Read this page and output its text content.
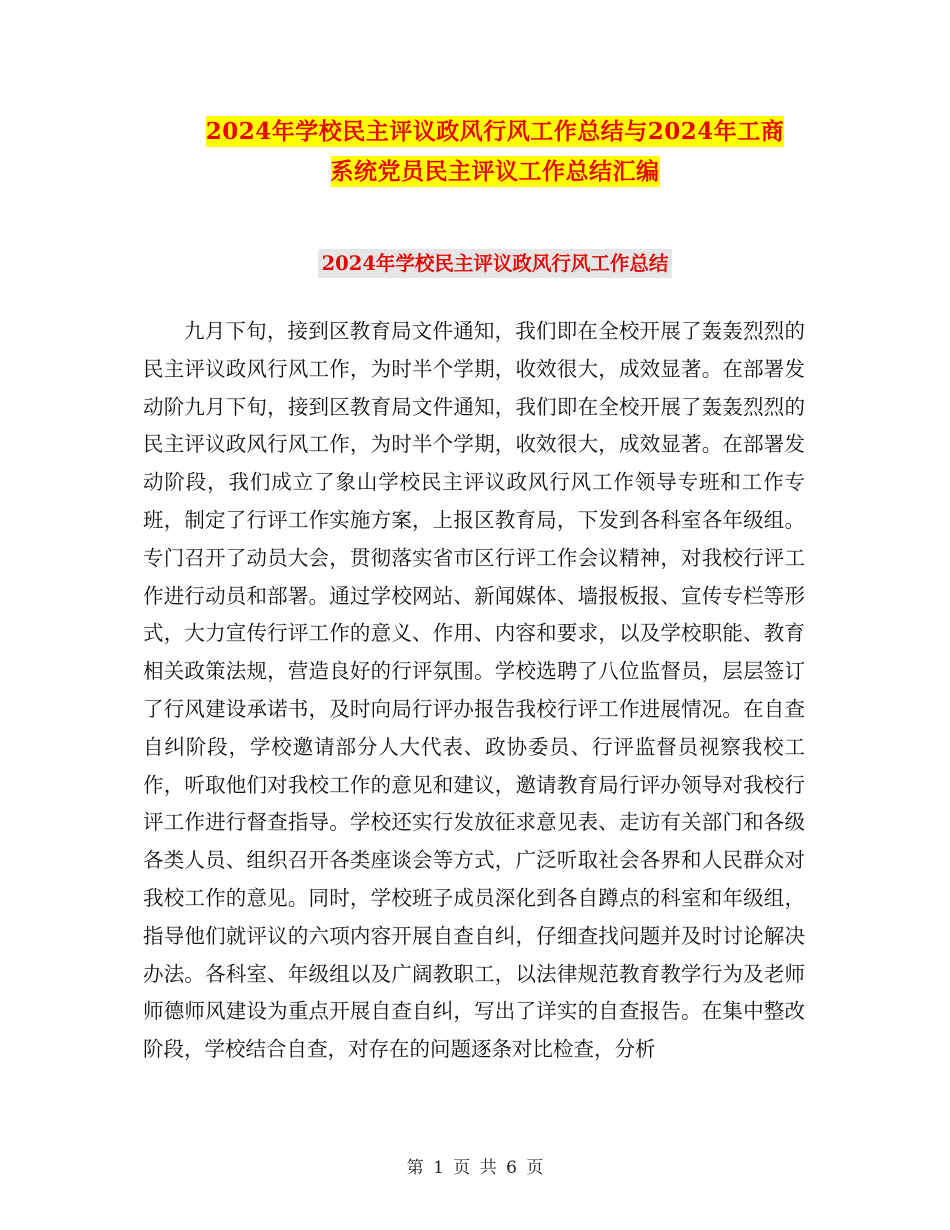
2024年学校民主评议政风行风工作总结与2024年工商
系统党员民主评议工作总结汇编
2024年学校民主评议政风行风工作总结

九月下旬，接到区教育局文件通知，我们即在全校开展了轰轰烈烈的民主评议政风行风工作，为时半个学期，收效很大，成效显著。在部署发动阶九月下旬，接到区教育局文件通知，我们即在全校开展了轰轰烈烈的民主评议政风行风工作，为时半个学期，收效很大，成效显著。在部署发动阶段，我们成立了象山学校民主评议政风行风工作领导专班和工作专班，制定了行评工作实施方案，上报区教育局，下发到各科室各年级组。专门召开了动员大会，贯彻落实省市区行评工作会议精神，对我校行评工作进行动员和部署。通过学校网站、新闻媒体、墙报板报、宣传专栏等形式，大力宣传行评工作的意义、作用、内容和要求，以及学校职能、教育相关政策法规，营造良好的行评氛围。学校选聘了八位监督员，层层签订了行风建设承诺书，及时向局行评办报告我校行评工作进展情况。在自查自纠阶段，学校邀请部分人大代表、政协委员、行评监督员视察我校工作，听取他们对我校工作的意见和建议，邀请教育局行评办领导对我校行评工作进行督查指导。学校还实行发放征求意见表、走访有关部门和各级各类人员、组织召开各类座谈会等方式，广泛听取社会各界和人民群众对我校工作的意见。同时，学校班子成员深化到各自蹲点的科室和年级组，指导他们就评议的六项内容开展自查自纠，仔细查找问题并及时讨论解决办法。各科室、年级组以及广阔教职工，以法律规范教育教学行为及老师师德师风建设为重点开展自查自纠，写出了详实的自查报告。在集中整改阶段，学校结合自查，对存在的问题逐条对比检查，分析

第 1 页 共 6 页
